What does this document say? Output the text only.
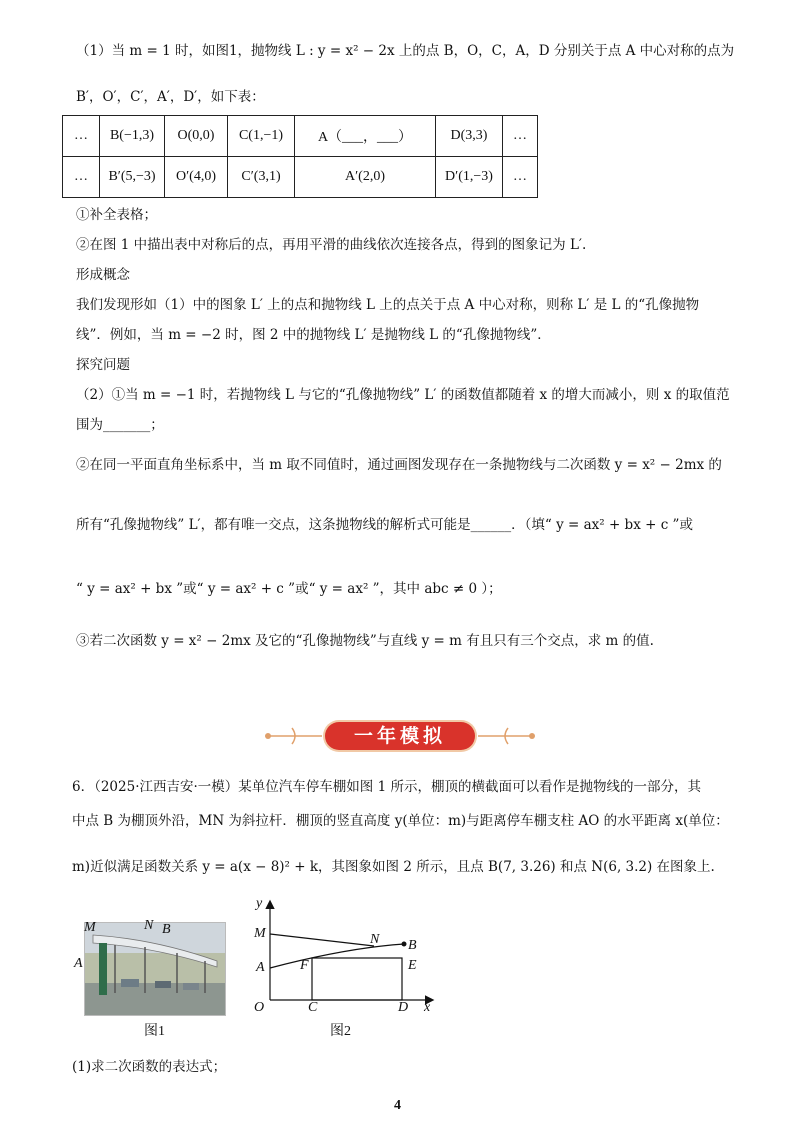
（1）当 m = 1 时，如图1，抛物线 L : y = x² − 2x 上的点 B，O，C，A，D 分别关于点 A 中心对称的点为
B′，O′，C′，A′，D′，如下表：
…	B(−1,3)	O(0,0)	C(1,−1)	A（___，___）	D(3,3)	…
…	B′(5,−3)	O′(4,0)	C′(3,1)	A′(2,0)	D′(1,−3)	…
①补全表格；
②在图 1 中描出表中对称后的点，再用平滑的曲线依次连接各点，得到的图象记为 L′.
形成概念
我们发现形如（1）中的图象 L′ 上的点和抛物线 L 上的点关于点 A 中心对称，则称 L′ 是 L 的“孔像抛物
线”．例如，当 m = −2 时，图 2 中的抛物线 L′ 是抛物线 L 的“孔像抛物线”．
探究问题
（2）①当 m = −1 时，若抛物线 L 与它的“孔像抛物线” L′ 的函数值都随着 x 的增大而减小，则 x 的取值范
围为_______；
②在同一平面直角坐标系中，当 m 取不同值时，通过画图发现存在一条抛物线与二次函数 y = x² − 2mx 的
所有“孔像抛物线” L′，都有唯一交点，这条抛物线的解析式可能是______．（填“ y = ax² + bx + c ”或
“ y = ax² + bx ”或“ y = ax² + c ”或“ y = ax² ”，其中 abc ≠ 0 ）；
③若二次函数 y = x² − 2mx 及它的“孔像抛物线”与直线 y = m 有且只有三个交点，求 m 的值.
一年模拟
6．（2025·江西吉安·一模）某单位汽车停车棚如图 1 所示，棚顶的横截面可以看作是抛物线的一部分，其
中点 B 为棚顶外沿，MN 为斜拉杆．棚顶的竖直高度 y(单位：m)与距离停车棚支柱 AO 的水平距离 x(单位：
m)近似满足函数关系 y = a(x − 8)² + k，其图象如图 2 所示，且点 B(7, 3.26) 和点 N(6, 3.2) 在图象上.
M	N B
A
图1
y
x
O
M	N B
A	F	E
C	D
图2
(1)求二次函数的表达式；
4
